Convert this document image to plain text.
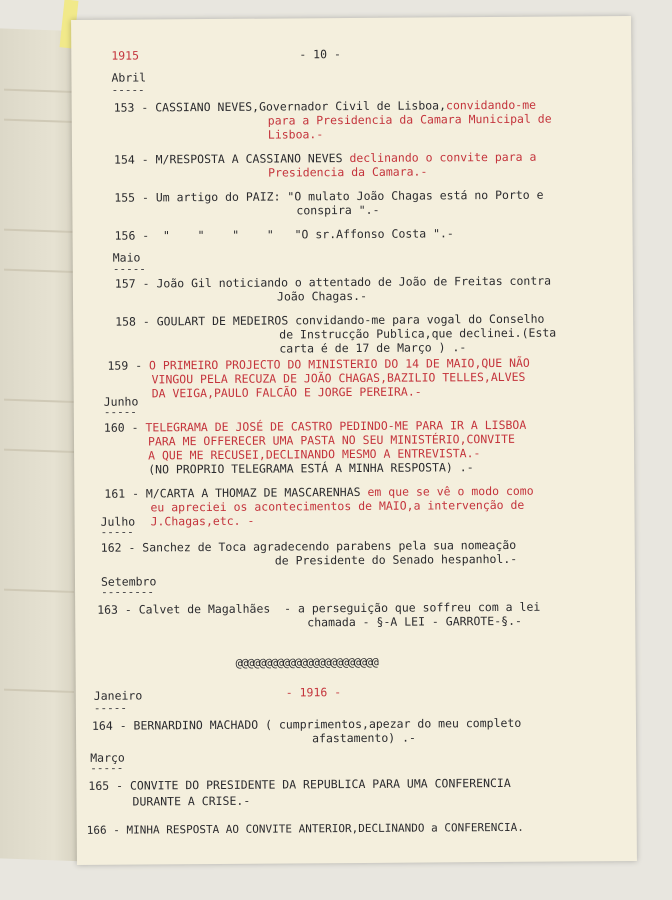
1915	- 10 -
Abril
-----
153 - CASSIANO NEVES,Governador Civil de Lisboa,convidando-me
para a Presidencia da Camara Municipal de
Lisboa.-
154 - M/RESPOSTA A CASSIANO NEVES declinando o convite para a
Presidencia da Camara.-
155 - Um artigo do PAIZ: "O mulato João Chagas está no Porto e
conspira ".-
156 -  "    "    "    "   "O sr.Affonso Costa ".-
Maio
-----
157 - João Gil noticiando o attentado de João de Freitas contra
João Chagas.-
158 - GOULART DE MEDEIROS convidando-me para vogal do Conselho
de Instrucção Publica,que declinei.(Esta
carta é de 17 de Março ) .-
159 - O PRIMEIRO PROJECTO DO MINISTERIO DO 14 DE MAIO,QUE NÃO
VINGOU PELA RECUZA DE JOÃO CHAGAS,BAZILIO TELLES,ALVES
DA VEIGA,PAULO FALCÃO E JORGE PEREIRA.-
Junho
-----
160 - TELEGRAMA DE JOSÉ DE CASTRO PEDINDO-ME PARA IR A LISBOA
PARA ME OFFERECER UMA PASTA NO SEU MINISTÉRIO,CONVITE
A QUE ME RECUSEI,DECLINANDO MESMO A ENTREVISTA.-
(NO PROPRIO TELEGRAMA ESTÁ A MINHA RESPOSTA) .-
161 - M/CARTA A THOMAZ DE MASCARENHAS em que se vê o modo como
eu apreciei os acontecimentos de MAIO,a intervenção de
J.Chagas,etc. -
Julho
-----
162 - Sanchez de Toca agradecendo parabens pela sua nomeação
de Presidente do Senado hespanhol.-
Setembro
--------
163 - Calvet de Magalhães  - a perseguição que soffreu com a lei
chamada - §-A LEI - GARROTE-§.-
@@@@@@@@@@@@@@@@@@@@@@@@
Janeiro	- 1916 -
-----
164 - BERNARDINO MACHADO ( cumprimentos,apezar do meu completo
afastamento) .-
Março
-----
165 - CONVITE DO PRESIDENTE DA REPUBLICA PARA UMA CONFERENCIA
DURANTE A CRISE.-
166 - MINHA RESPOSTA AO CONVITE ANTERIOR,DECLINANDO a CONFERENCIA.
